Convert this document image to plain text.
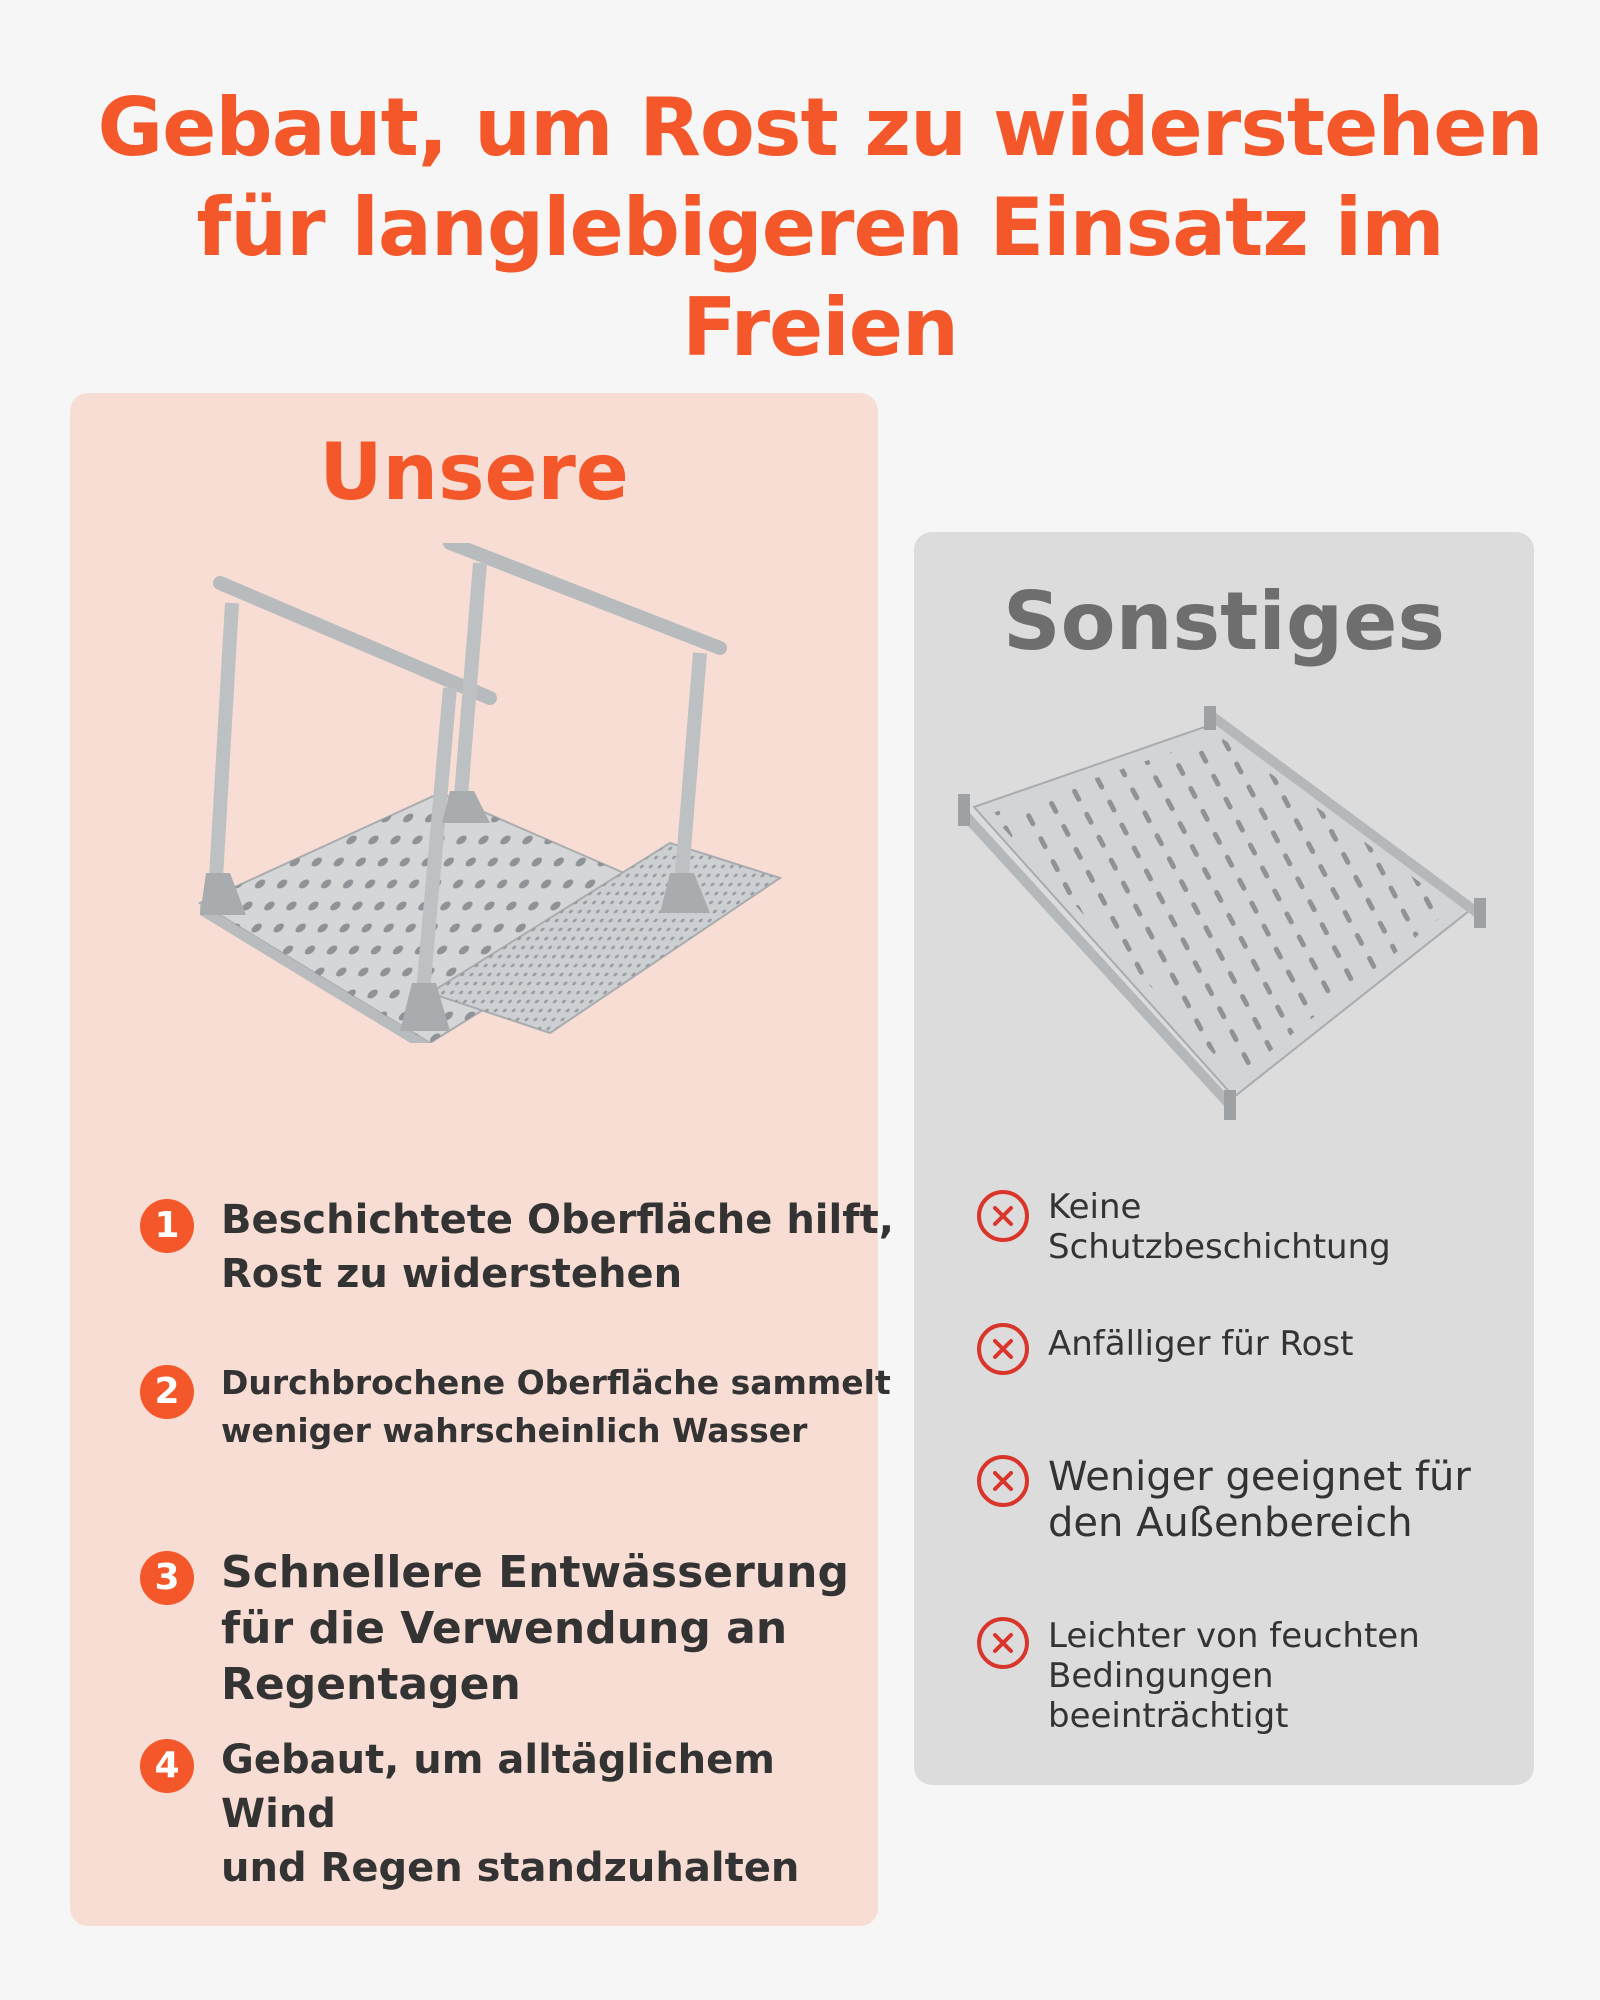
Gebaut, um Rost zu widerstehen
für langlebigeren Einsatz im
Freien
Unsere
1	Beschichtete Oberfläche hilft,
Rost zu widerstehen

2	Durchbrochene Oberfläche sammelt
weniger wahrscheinlich Wasser

3 Schnellere Entwässerung
für die Verwendung an
Regentagen

4	Gebaut, um alltäglichem Wind
und Regen standzuhalten

Sonstiges

Keine
Schutzbeschichtung

Anfälliger für Rost

Weniger geeignet für
den Außenbereich

Leichter von feuchten
Bedingungen
beeinträchtigt
